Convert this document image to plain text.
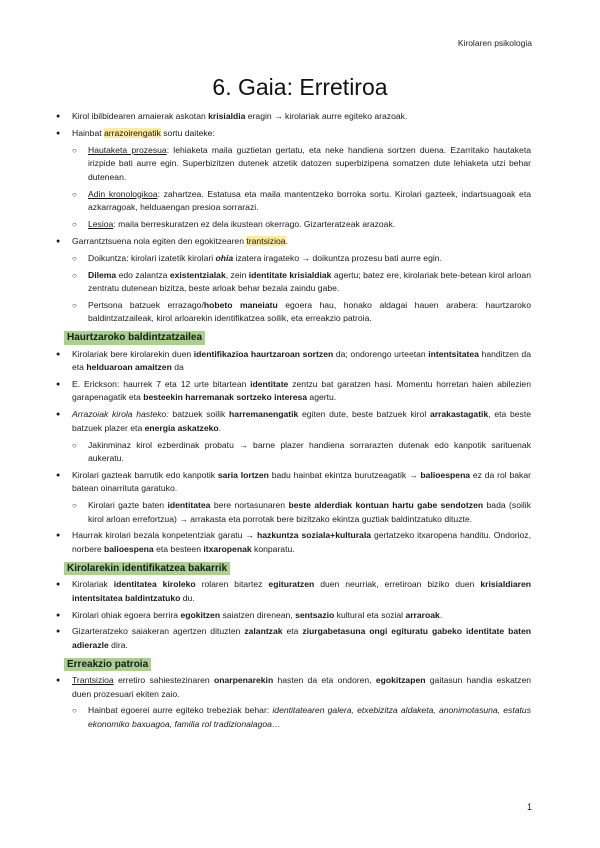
Kirolaren psikologia
6. Gaia: Erretiroa
● Kirol ibilbidearen amaierak askotan krisialdia eragin → kirolariak aurre egiteko arazoak.
● Hainbat arrazoirengatik sortu daiteke:
○ Hautaketa prozesua: lehiaketa maila guztietan gertatu, eta neke handiena sortzen duena. Ezarritako hautaketa irizpide bati aurre egin. Superbizitzen dutenek atzetik datozen superbizipena somatzen dute lehiaketa utzi behar dutenean.
○ Adin kronologikoa: zahartzea. Estatusa eta maila mantentzeko borroka sortu. Kirolari gazteek, indartsuagoak eta azkarragoak, helduaengan presioa sorrarazi.
○ Lesioa: maila berreskuratzen ez dela ikustean okerrago. Gizarteratzeak arazoak.
● Garrantztsuena nola egiten den egokitzearen trantsizioa.
○ Doikuntza: kirolari izatetik kirolari ohia izatera iragateko → doikuntza prozesu bati aurre egin.
○ Dilema edo zalantza existentzialak, zein identitate krisialdiak agertu; batez ere, kirolariak bete-betean kirol arloan zentratu dutenean bizitza, beste arloak behar bezala zaindu gabe.
○ Pertsona batzuek errazago/hobeto maneiatu egoera hau, honako aldagai hauen arabera: haurtzaroko baldintzatzaileak, kirol arloarekin identifikatzea soilik, eta erreakzio patroia.
Haurtzaroko baldintzatzailea
● Kirolariak bere kirolarekin duen identifikazioa haurtzaroan sortzen da; ondorengo urteetan intentsitatea handitzen da eta helduaroan amaitzen da
● E. Erickson: haurrek 7 eta 12 urte bitartean identitate zentzu bat garatzen hasi. Momentu horretan haien abilezien garapenagatik eta besteekin harremanak sortzeko interesa agertu.
● Arrazoiak kirola hasteko: batzuek soilik harremanengatik egiten dute, beste batzuek kirol arrakastagatik, eta beste batzuek plazer eta energia askatzeko.
○ Jakinminaz kirol ezberdinak probatu → barne plazer handiena sorrarazten dutenak edo kanpotik sarituenak aukeratu.
● Kirolari gazteak barrutik edo kanpotik saria lortzen badu hainbat ekintza burutzeagatik → balioespena ez da rol bakar batean oinarrituta garatuko.
○ Kirolari gazte baten identitatea bere nortasunaren beste alderdiak kontuan hartu gabe sendotzen bada (soilik kirol arloan errefortzua) → arrakasta eta porrotak bere bizitzako ekintza guztiak baldintzatuko dituzte.
● Haurrak kirolari bezala konpetentziak garatu → hazkuntza soziala+kulturala gertatzeko itxaropena handitu. Ondorioz, norbere balioespena eta besteen itxaropenak konparatu.
Kirolarekin identifikatzea bakarrik
● Kirolariak identitatea kiroleko rolaren bitartez egituratzen duen neurriak, erretiroan biziko duen krisialdiaren intentsitatea baldintzatuko du.
● Kirolari ohiak egoera berrira egokitzen saiatzen direnean, sentsazio kultural eta sozial arraroak.
● Gizarteratzeko saiakeran agertzen dituzten zalantzak eta ziurgabetasuna ongi egituratu gabeko identitate baten adierazle dira.
Erreakzio patroia
● Trantsizioa erretiro sahiestezinaren onarpenarekin hasten da eta ondoren, egokitzapen gaitasun handia eskatzen duen prozesuari ekiten zaio.
○ Hainbat egoerei aurre egiteko trebeziak behar: identitatearen galera, etxebizitza aldaketa, anonimotasuna, estatus ekonomiko baxuagoa, familia rol tradizionalagoa…
1
